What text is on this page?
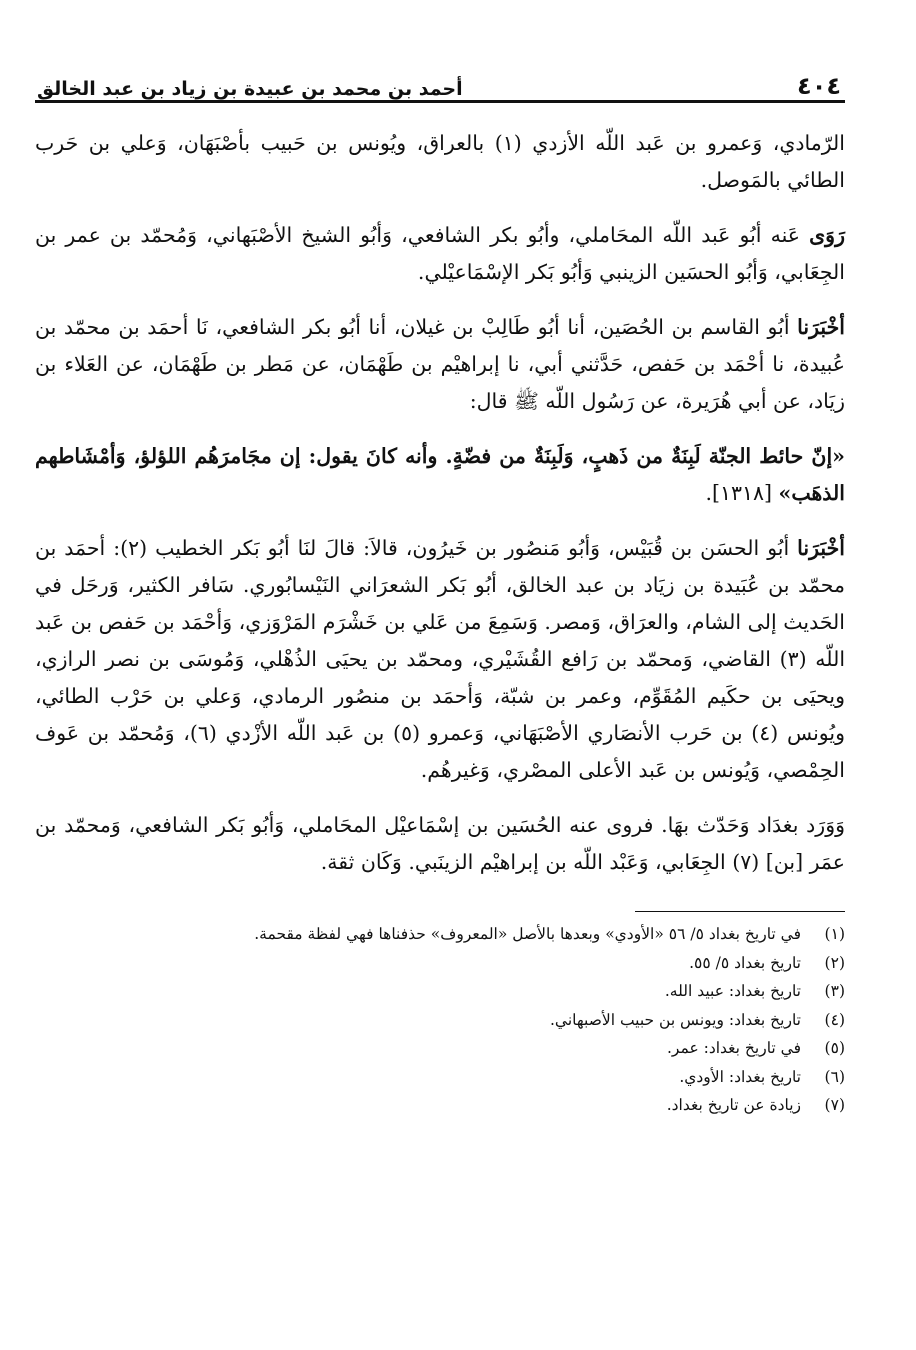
٤٠٤
أحمد بن محمد بن عبيدة بن زياد بن عبد الخالق

الرّمادي، وَعمرو بن عَبد اللّه الأزدي (١) بالعراق، ويُونس بن حَبيب بأصْبَهَان، وَعلي بن حَرب الطائي بالمَوصل.

رَوَى عَنه أبُو عَبد اللّه المحَاملي، وأبُو بكر الشافعي، وَأبُو الشيخ الأصْبَهاني، وَمُحمّد بن عمر بن الجِعَابي، وَأبُو الحسَين الزينبي وَأبُو بَكر الإسْمَاعيْلي.

أخْبَرَنا أبُو القاسم بن الحُصَين، أنا أبُو طَالِبْ بن غيلان، أنا أبُو بكر الشافعي، نَا أحمَد بن محمّد بن عُبيدة، نا أحْمَد بن حَفص، حَدَّثني أبي، نا إبراهيْم بن طَهْمَان، عن مَطر بن طَهْمَان، عن العَلاء بن زيَاد، عن أبي هُرَيرة، عن رَسُول اللّه ﷺ قال:

«إنّ حائط الجنّة لَبِنَةٌ من ذَهبٍ، وَلَبِنَةٌ من فضّةٍ. وأنه كانَ يقول: إن مجَامرَهُم اللؤلؤ، وَأمْشَاطهم الذهَب» [١٣١٨].

أخْبَرَنا أبُو الحسَن بن قُبَيْس، وَأبُو مَنصُور بن خَيرُون، قالاَ: قالَ لنَا أبُو بَكر الخطيب (٢): أحمَد بن محمّد بن عُبَيدة بن زيَاد بن عبد الخالق، أبُو بَكر الشعرَاني النَيْسابُوري. سَافر الكثير، وَرحَل في الحَديث إلى الشام، والعرَاق، وَمصر. وَسَمِعَ من عَلي بن خَشْرَم المَرْوَزي، وَأحْمَد بن حَفص بن عَبد اللّه (٣) القاضي، وَمحمّد بن رَافع القُشَيْري، ومحمّد بن يحيَى الذُهْلي، وَمُوسَى بن نصر الرازي، ويحيَى بن حكَيم المُقَوِّم، وعمر بن شبّة، وَأحمَد بن منصُور الرمادي، وَعلي بن حَرْب الطائي، ويُونس (٤) بن حَرب الأنصَاري الأصْبَهَاني، وَعمرو (٥) بن عَبد اللّه الأزْدي (٦)، وَمُحمّد بن عَوف الحِمْصي، وَيُونس بن عَبد الأعلى المصْري، وَغيرهُم.

وَوَرَد بغدَاد وَحَدّث بهَا. فروى عنه الحُسَين بن إسْمَاعيْل المحَاملي، وَأبُو بَكر الشافعي، وَمحمّد بن عمَر [بن] (٧) الجِعَابي، وَعَبْد اللّه بن إبراهيْم الزينَبي. وَكَان ثقة.

(١)
في تاريخ بغداد ٥/ ٥٦ «الأودي» وبعدها بالأصل «المعروف» حذفناها فهي لفظة مقحمة.
(٢)
تاريخ بغداد ٥/ ٥٥.
(٣)
تاريخ بغداد: عبيد الله.
(٤)
تاريخ بغداد: ويونس بن حبيب الأصبهاني.
(٥)
في تاريخ بغداد: عمر.
(٦)
تاريخ بغداد: الأودي.
(٧)
زيادة عن تاريخ بغداد.
